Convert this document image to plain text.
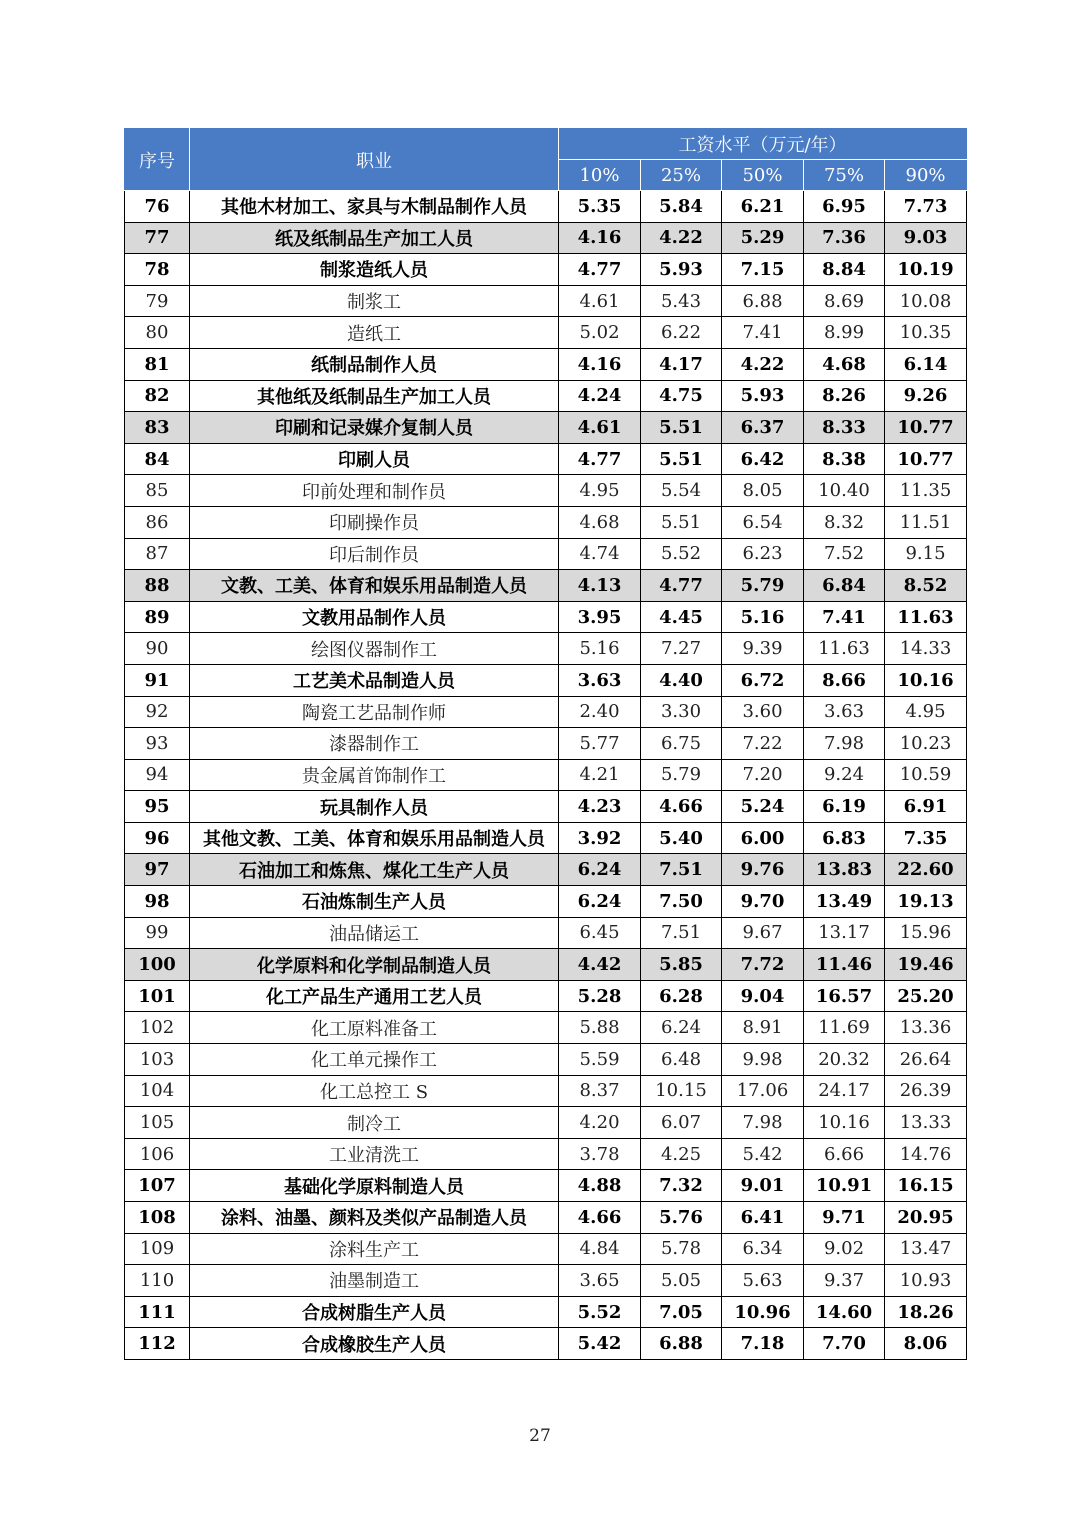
序号	职业	工资水平（万元/年）				
		10%	25%	50%	75%	90%
76	其他木材加工、家具与木制品制作人员	5.35	5.84	6.21	6.95	7.73
77	纸及纸制品生产加工人员	4.16	4.22	5.29	7.36	9.03
78	制浆造纸人员	4.77	5.93	7.15	8.84	10.19
79	制浆工	4.61	5.43	6.88	8.69	10.08
80	造纸工	5.02	6.22	7.41	8.99	10.35
81	纸制品制作人员	4.16	4.17	4.22	4.68	6.14
82	其他纸及纸制品生产加工人员	4.24	4.75	5.93	8.26	9.26
83	印刷和记录媒介复制人员	4.61	5.51	6.37	8.33	10.77
84	印刷人员	4.77	5.51	6.42	8.38	10.77
85	印前处理和制作员	4.95	5.54	8.05	10.40	11.35
86	印刷操作员	4.68	5.51	6.54	8.32	11.51
87	印后制作员	4.74	5.52	6.23	7.52	9.15
88	文教、工美、体育和娱乐用品制造人员	4.13	4.77	5.79	6.84	8.52
89	文教用品制作人员	3.95	4.45	5.16	7.41	11.63
90	绘图仪器制作工	5.16	7.27	9.39	11.63	14.33
91	工艺美术品制造人员	3.63	4.40	6.72	8.66	10.16
92	陶瓷工艺品制作师	2.40	3.30	3.60	3.63	4.95
93	漆器制作工	5.77	6.75	7.22	7.98	10.23
94	贵金属首饰制作工	4.21	5.79	7.20	9.24	10.59
95	玩具制作人员	4.23	4.66	5.24	6.19	6.91
96	其他文教、工美、体育和娱乐用品制造人员	3.92	5.40	6.00	6.83	7.35
97	石油加工和炼焦、煤化工生产人员	6.24	7.51	9.76	13.83	22.60
98	石油炼制生产人员	6.24	7.50	9.70	13.49	19.13
99	油品储运工	6.45	7.51	9.67	13.17	15.96
100	化学原料和化学制品制造人员	4.42	5.85	7.72	11.46	19.46
101	化工产品生产通用工艺人员	5.28	6.28	9.04	16.57	25.20
102	化工原料准备工	5.88	6.24	8.91	11.69	13.36
103	化工单元操作工	5.59	6.48	9.98	20.32	26.64
104	化工总控工 S	8.37	10.15	17.06	24.17	26.39
105	制冷工	4.20	6.07	7.98	10.16	13.33
106	工业清洗工	3.78	4.25	5.42	6.66	14.76
107	基础化学原料制造人员	4.88	7.32	9.01	10.91	16.15
108	涂料、油墨、颜料及类似产品制造人员	4.66	5.76	6.41	9.71	20.95
109	涂料生产工	4.84	5.78	6.34	9.02	13.47
110	油墨制造工	3.65	5.05	5.63	9.37	10.93
111	合成树脂生产人员	5.52	7.05	10.96	14.60	18.26
112	合成橡胶生产人员	5.42	6.88	7.18	7.70	8.06
27
